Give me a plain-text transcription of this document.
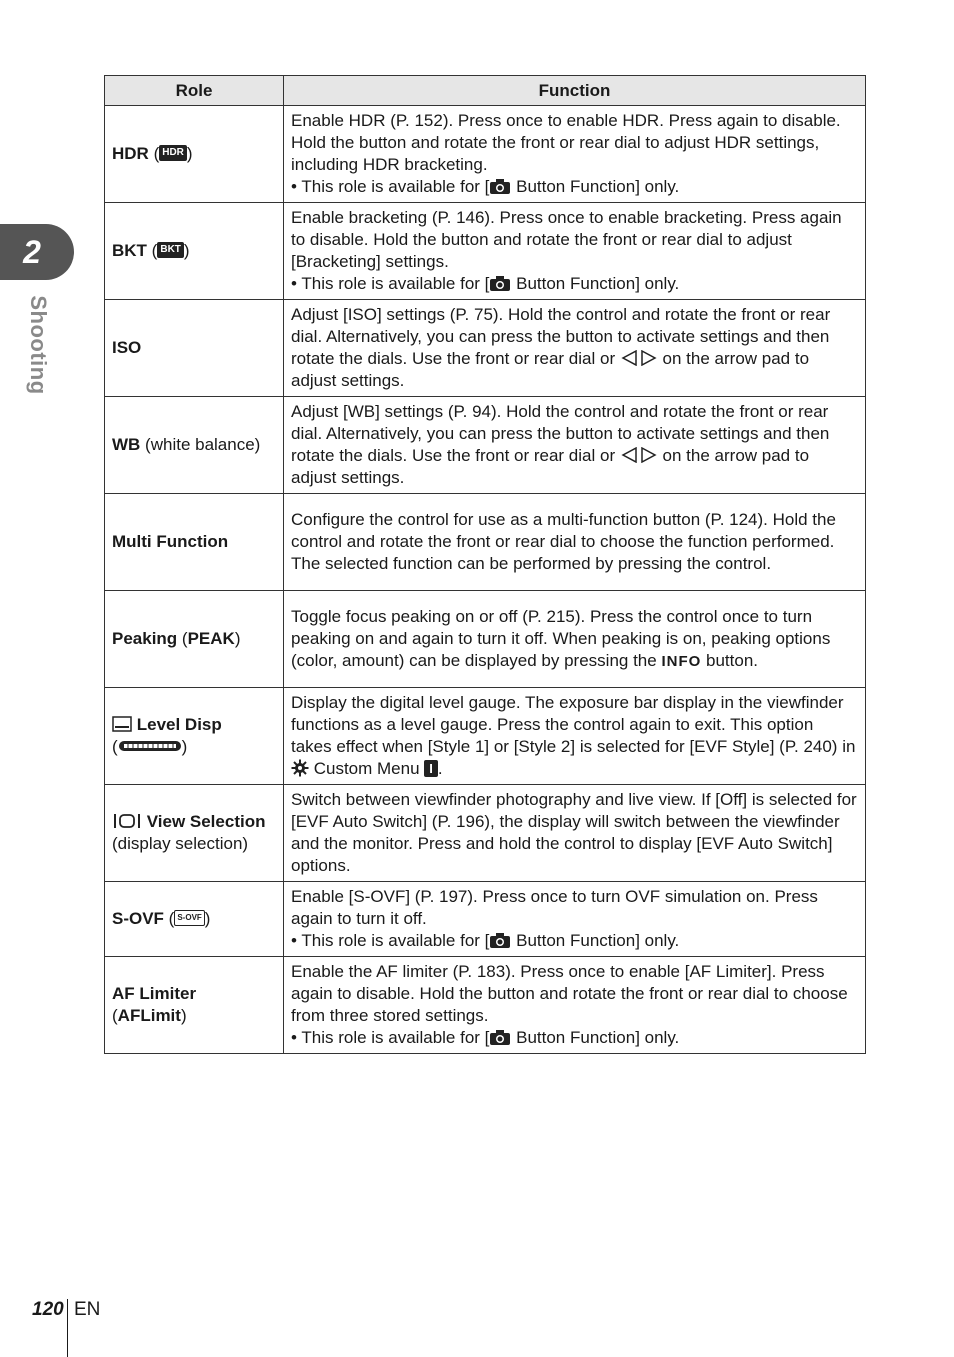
2
Shooting
Role	Function
HDR ( HDR )	Enable HDR (P. 152). Press once to enable HDR. Press again to disable. Hold the button and rotate the front or rear dial to adjust HDR settings, including HDR bracketing.
• This role is available for [ Button Function] only.

BKT ( BKT )	Enable bracketing (P. 146). Press once to enable bracketing. Press again to disable. Hold the button and rotate the front or rear dial to adjust [Bracketing] settings.
• This role is available for [ Button Function] only.

ISO	Adjust [ISO] settings (P. 75). Hold the control and rotate the front or rear dial. Alternatively, you can press the button to activate settings and then rotate the dials. Use the front or rear dial or  on the arrow pad to adjust settings.
WB (white balance)	Adjust [WB] settings (P. 94). Hold the control and rotate the front or rear dial. Alternatively, you can press the button to activate settings and then rotate the dials. Use the front or rear dial or  on the arrow pad to adjust settings.
Multi Function	Configure the control for use as a multi-function button (P. 124). Hold the control and rotate the front or rear dial to choose the function performed. The selected function can be performed by pressing the control.
Peaking (PEAK)	Toggle focus peaking on or off (P. 215). Press the control once to turn peaking on and again to turn it off. When peaking is on, peaking options (color, amount) can be displayed by pressing the INFO button.
Level Disp
( )	Display the digital level gauge. The exposure bar display in the viewfinder functions as a level gauge. Press the control again to exit. This option takes effect when [Style 1] or [Style 2] is selected for [EVF Style] (P. 240) in  Custom Menu I .
View Selection
(display selection)	Switch between viewfinder photography and live view. If [Off] is selected for [EVF Auto Switch] (P. 196), the display will switch between the viewfinder and the monitor. Press and hold the control to display [EVF Auto Switch] options.
S-OVF ( S-OVF )	Enable [S-OVF] (P. 197). Press once to turn OVF simulation on. Press again to turn it off.
• This role is available for [ Button Function] only.

AF Limiter
(AFLimit)	Enable the AF limiter (P. 183). Press once to enable [AF Limiter]. Press again to disable. Hold the button and rotate the front or rear dial to choose from three stored settings.
• This role is available for [ Button Function] only.
120 EN
